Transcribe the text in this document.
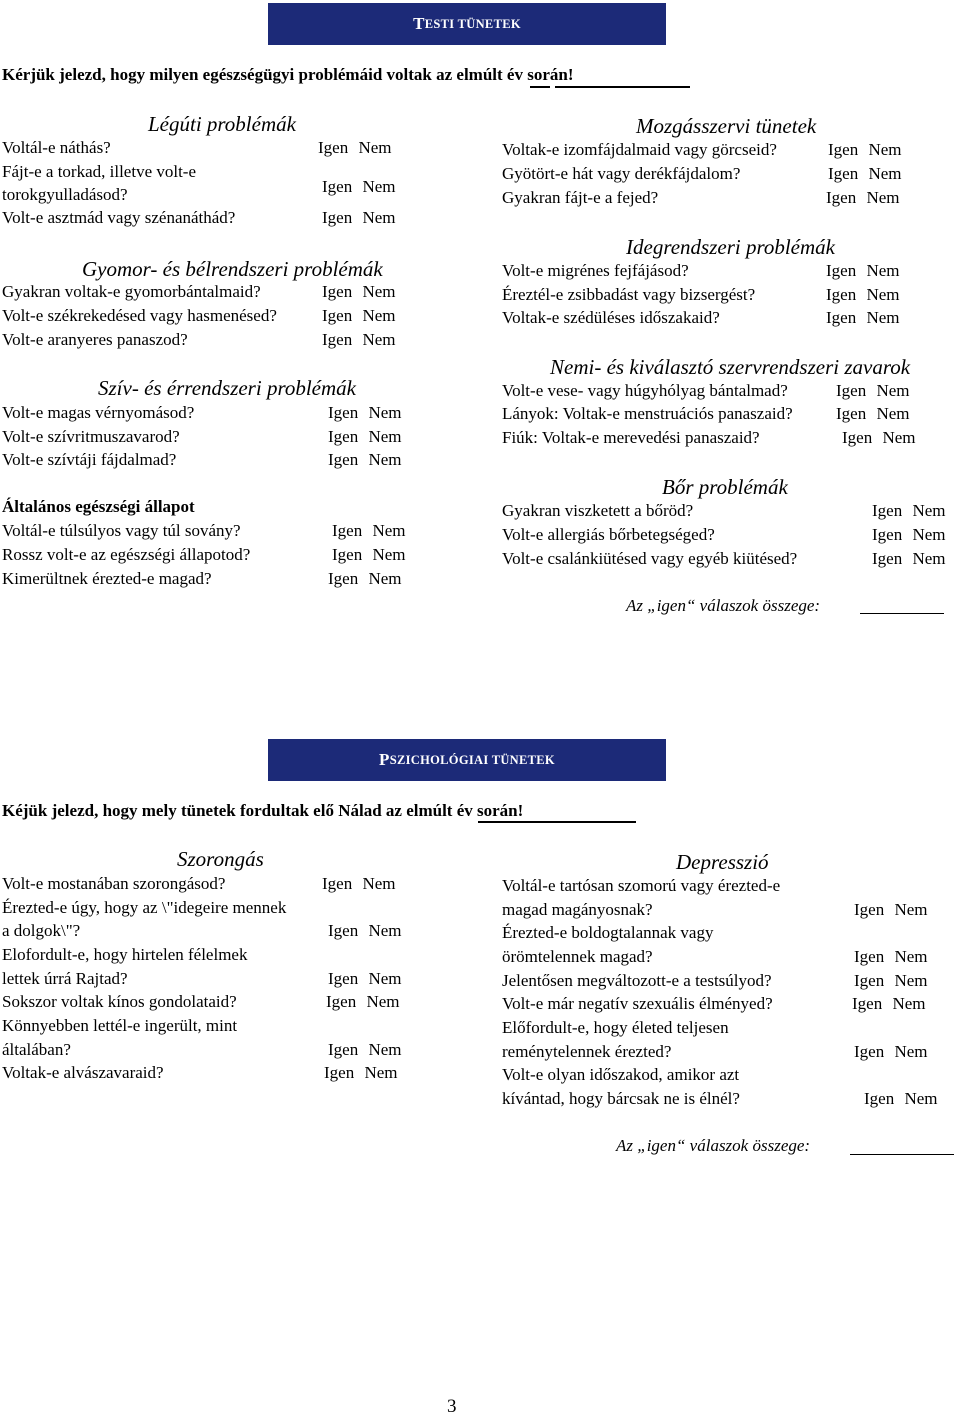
T ESTI TÜNETEK
Kérjük jelezd, hogy milyen egészségügyi problémáid voltak az elmúlt év során!
Légúti problémák
Voltál-e náthás?	Igen Nem
Fájt-e a torkad, illetve volt-e
torokgyulladásod?	Igen Nem
Volt-e asztmád vagy szénanáthád?	Igen Nem
Gyomor- és bélrendszeri problémák
Gyakran voltak-e gyomorbántalmaid?	Igen Nem
Volt-e székrekedésed vagy hasmenésed?	Igen Nem
Volt-e aranyeres panaszod?	Igen Nem
Szív- és érrendszeri problémák
Volt-e magas vérnyomásod?	Igen Nem
Volt-e szívritmuszavarod?	Igen Nem
Volt-e szívtáji fájdalmad?	Igen Nem
Általános egészségi állapot
Voltál-e túlsúlyos vagy túl sovány?	Igen Nem
Rossz volt-e az egészségi állapotod?	Igen Nem
Kimerültnek érezted-e magad?	Igen Nem
Mozgásszervi tünetek
Voltak-e izomfájdalmaid vagy görcseid?	Igen Nem
Gyötört-e hát vagy derékfájdalom?	Igen Nem
Gyakran fájt-e a fejed?	Igen Nem
Idegrendszeri problémák
Volt-e migrénes fejfájásod?	Igen Nem
Éreztél-e zsibbadást vagy bizsergést?	Igen Nem
Voltak-e szédüléses időszakaid?	Igen Nem
Nemi- és kiválasztó szervrendszeri zavarok
Volt-e vese- vagy húgyhólyag bántalmad?	Igen Nem
Lányok: Voltak-e menstruációs panaszaid?	Igen Nem
Fiúk: Voltak-e merevedési panaszaid?	Igen Nem
Bőr problémák
Gyakran viszketett a bőröd?	Igen Nem
Volt-e allergiás bőrbetegséged?	Igen Nem
Volt-e csalánkiütésed vagy egyéb kiütésed?	Igen Nem
Az „igen“ válaszok összege:
P SZICHOLÓGIAI TÜNETEK
Kéjük jelezd, hogy mely tünetek fordultak elő Nálad az elmúlt év során!
Szorongás
Volt-e mostanában szorongásod?	Igen Nem
Érezted-e úgy, hogy az \"idegeire mennek
a dolgok\"?	Igen Nem
Elofordult-e, hogy hirtelen félelmek
lettek úrrá Rajtad?	Igen Nem
Sokszor voltak kínos gondolataid?	Igen Nem
Könnyebben lettél-e ingerült, mint
általában?	Igen Nem
Voltak-e alvászavaraid?	Igen Nem
Depresszió
Voltál-e tartósan szomorú vagy érezted-e
magad magányosnak?	Igen Nem
Érezted-e boldogtalannak vagy
örömtelennek magad?	Igen Nem
Jelentősen megváltozott-e a testsúlyod?	Igen Nem
Volt-e már negatív szexuális élményed?	Igen Nem
Előfordult-e, hogy életed teljesen
reménytelennek érezted?	Igen Nem
Volt-e olyan időszakod, amikor azt
kívántad, hogy bárcsak ne is élnél?	Igen Nem
Az „igen“ válaszok összege:
3
